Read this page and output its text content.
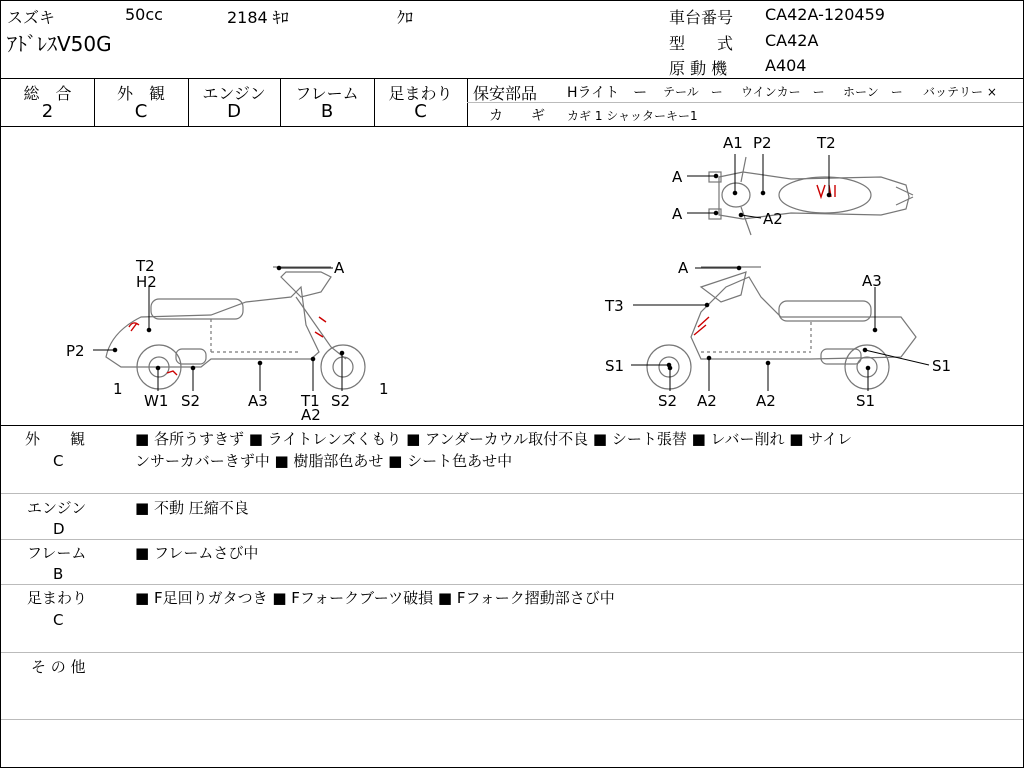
スズキ	50cc	2184 ｷﾛ	ｸﾛ
ｱﾄﾞﾚｽV50G
車台番号 CA42A-120459
型　　式 CA42A
原 動 機 A404
総　合
2
外　観
C
エンジン
D
フレーム
B
足まわり
C
保安部品 Hライト　ー テール　ー ウインカー　ー ホーン　ー バッテリー ×
カ　　ギ カギ 1 シャッターキー1
A1 P2	T2
A
A	A2
T2
H2
A
P2
1
W1 S2	A3 T1
A2
S2
1
A
A3
T3
S1	S1
S2 A2	A2	S1
外　　観
C
■ 各所うすきず ■ ライトレンズくもり ■ アンダーカウル取付不良 ■ シート張替 ■ レバー削れ ■ サイレ
ンサーカバーきず中 ■ 樹脂部色あせ ■ シート色あせ中
エンジン
D
■ 不動 圧縮不良
フレーム
B
■ フレームさび中
足まわり
C
■ F足回りガタつき ■ Fフォークブーツ破損 ■ Fフォーク摺動部さび中
そ の 他
